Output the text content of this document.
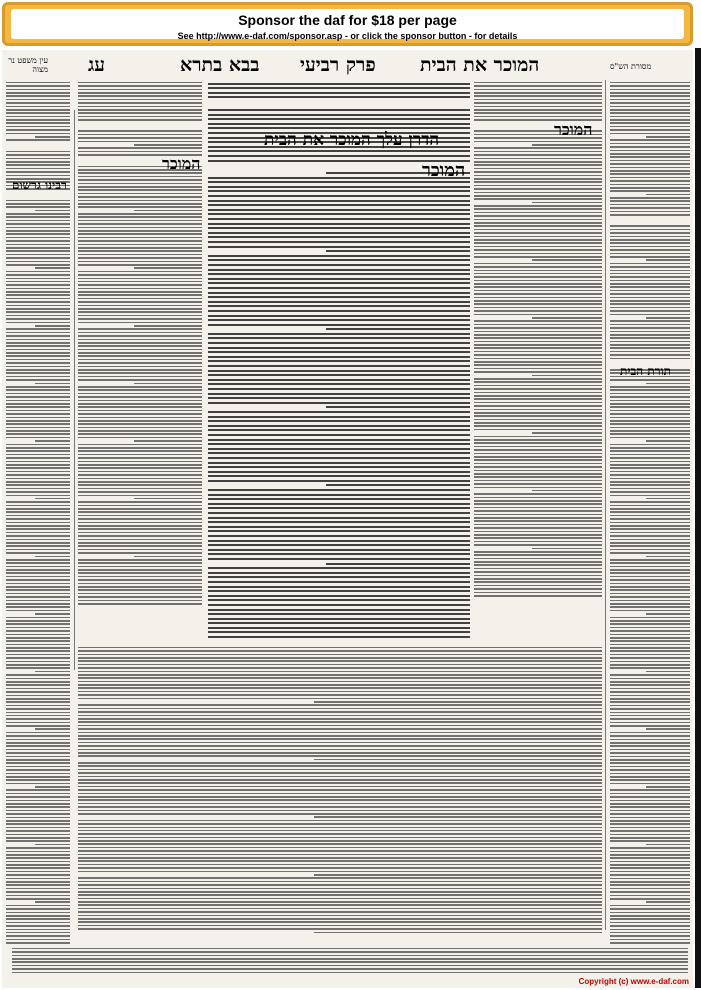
Sponsor the daf for $18 per page
See http://www.e-daf.com/sponsor.asp - or click the sponsor button - for details
עג	בבא בתרא פרק רביעי המוכר את הבית
עין משפט נר מצוה	מסורת הש"ס
רבינו גרשום
המוכר
הדרן עלך המוכר את הבית
המוכר
המוכר
תורת הבית
Copyright (c) www.e-daf.com
